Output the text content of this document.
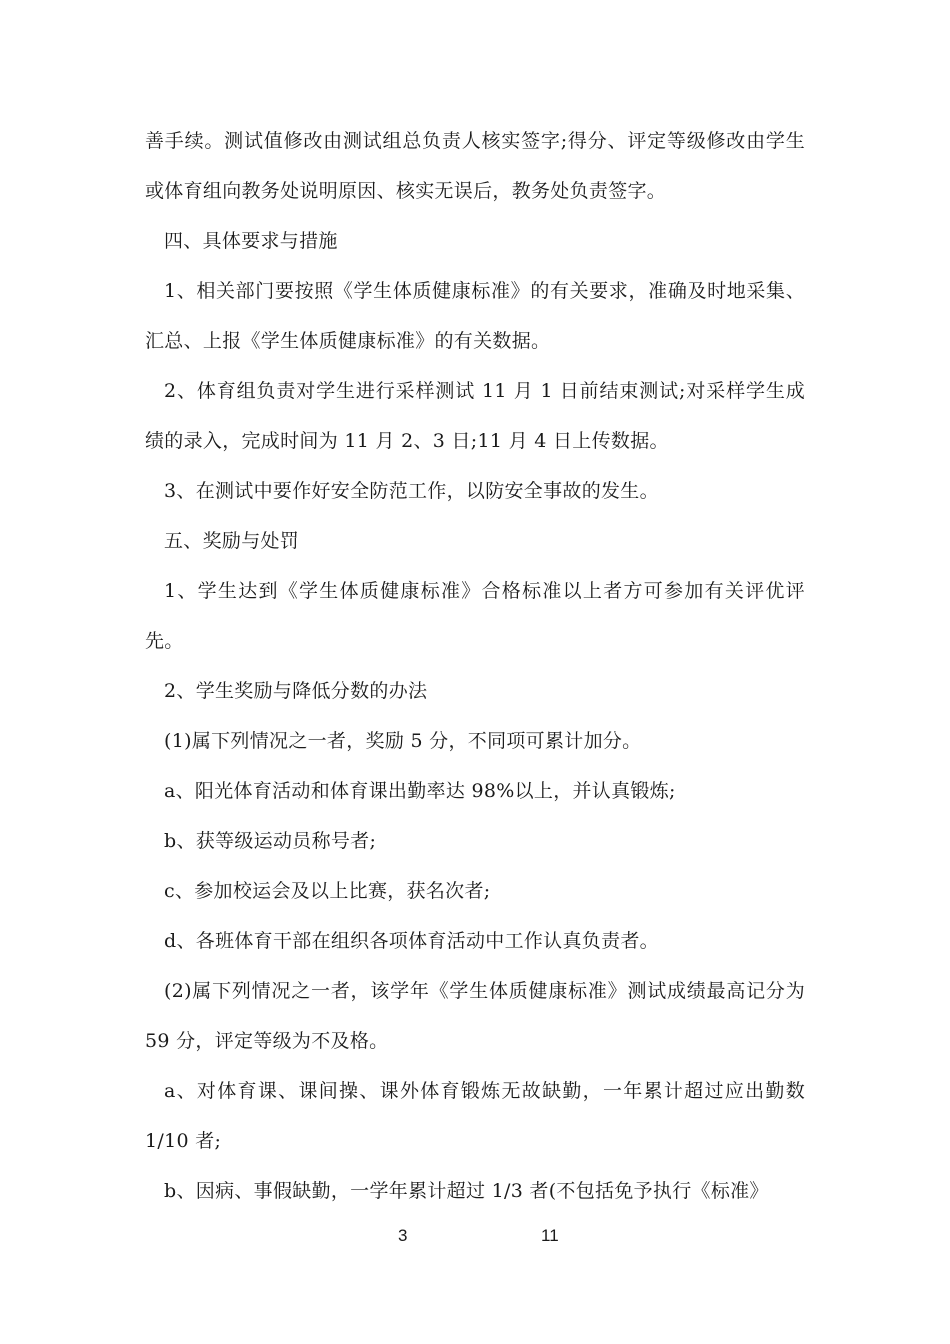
善手续。测试值修改由测试组总负责人核实签字;得分、评定等级修改由学生或体育组向教务处说明原因、核实无误后，教务处负责签字。

四、具体要求与措施

1、相关部门要按照《学生体质健康标准》的有关要求，准确及时地采集、汇总、上报《学生体质健康标准》的有关数据。

2、体育组负责对学生进行采样测试 11 月 1 日前结束测试;对采样学生成绩的录入，完成时间为 11 月 2、3 日;11 月 4 日上传数据。

3、在测试中要作好安全防范工作，以防安全事故的发生。

五、奖励与处罚

1、学生达到《学生体质健康标准》合格标准以上者方可参加有关评优评先。

2、学生奖励与降低分数的办法

(1)属下列情况之一者，奖励 5 分，不同项可累计加分。

a、阳光体育活动和体育课出勤率达 98%以上，并认真锻炼;

b、获等级运动员称号者;

c、参加校运会及以上比赛，获名次者;

d、各班体育干部在组织各项体育活动中工作认真负责者。

(2)属下列情况之一者，该学年《学生体质健康标准》测试成绩最高记分为 59 分，评定等级为不及格。

a、对体育课、课间操、课外体育锻炼无故缺勤，一年累计超过应出勤数 1/10 者;

b、因病、事假缺勤，一学年累计超过 1/3 者(不包括免予执行《标准》

3	11
